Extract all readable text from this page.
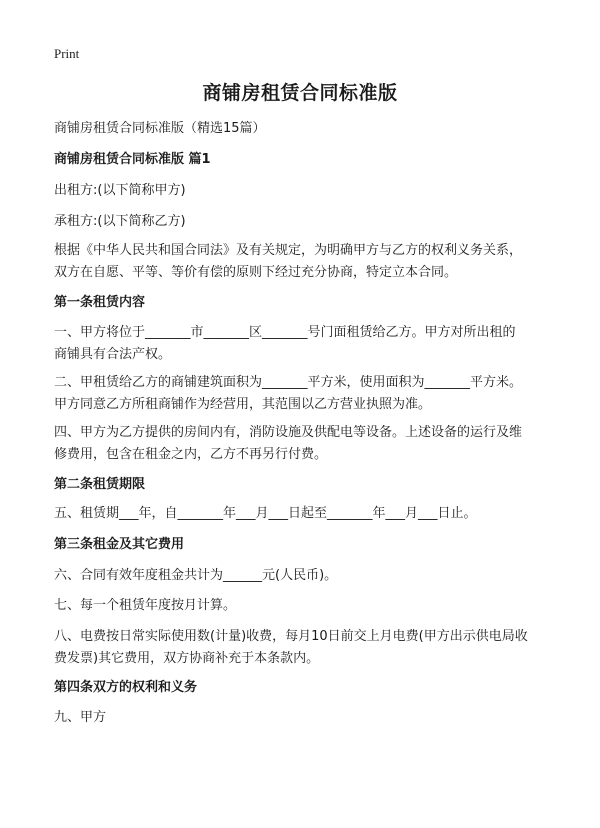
Print
商铺房租赁合同标准版
商铺房租赁合同标准版（精选15篇）
商铺房租赁合同标准版 篇1
出租方:(以下简称甲方)
承租方:(以下简称乙方)
根据《中华人民共和国合同法》及有关规定，为明确甲方与乙方的权利义务关系，
双方在自愿、平等、等价有偿的原则下经过充分协商，特定立本合同。
第一条租赁内容
一、甲方将位于_______市_______区_______号门面租赁给乙方。甲方对所出租的
商铺具有合法产权。
二、甲租赁给乙方的商铺建筑面积为_______平方米，使用面积为_______平方米。
甲方同意乙方所租商铺作为经营用，其范围以乙方营业执照为准。
四、甲方为乙方提供的房间内有，消防设施及供配电等设备。上述设备的运行及维
修费用，包含在租金之内，乙方不再另行付费。
第二条租赁期限
五、租赁期___年，自_______年___月___日起至_______年___月___日止。
第三条租金及其它费用
六、合同有效年度租金共计为______元(人民币)。
七、每一个租赁年度按月计算。
八、电费按日常实际使用数(计量)收费，每月10日前交上月电费(甲方出示供电局收
费发票)其它费用，双方协商补充于本条款内。
第四条双方的权利和义务
九、甲方
